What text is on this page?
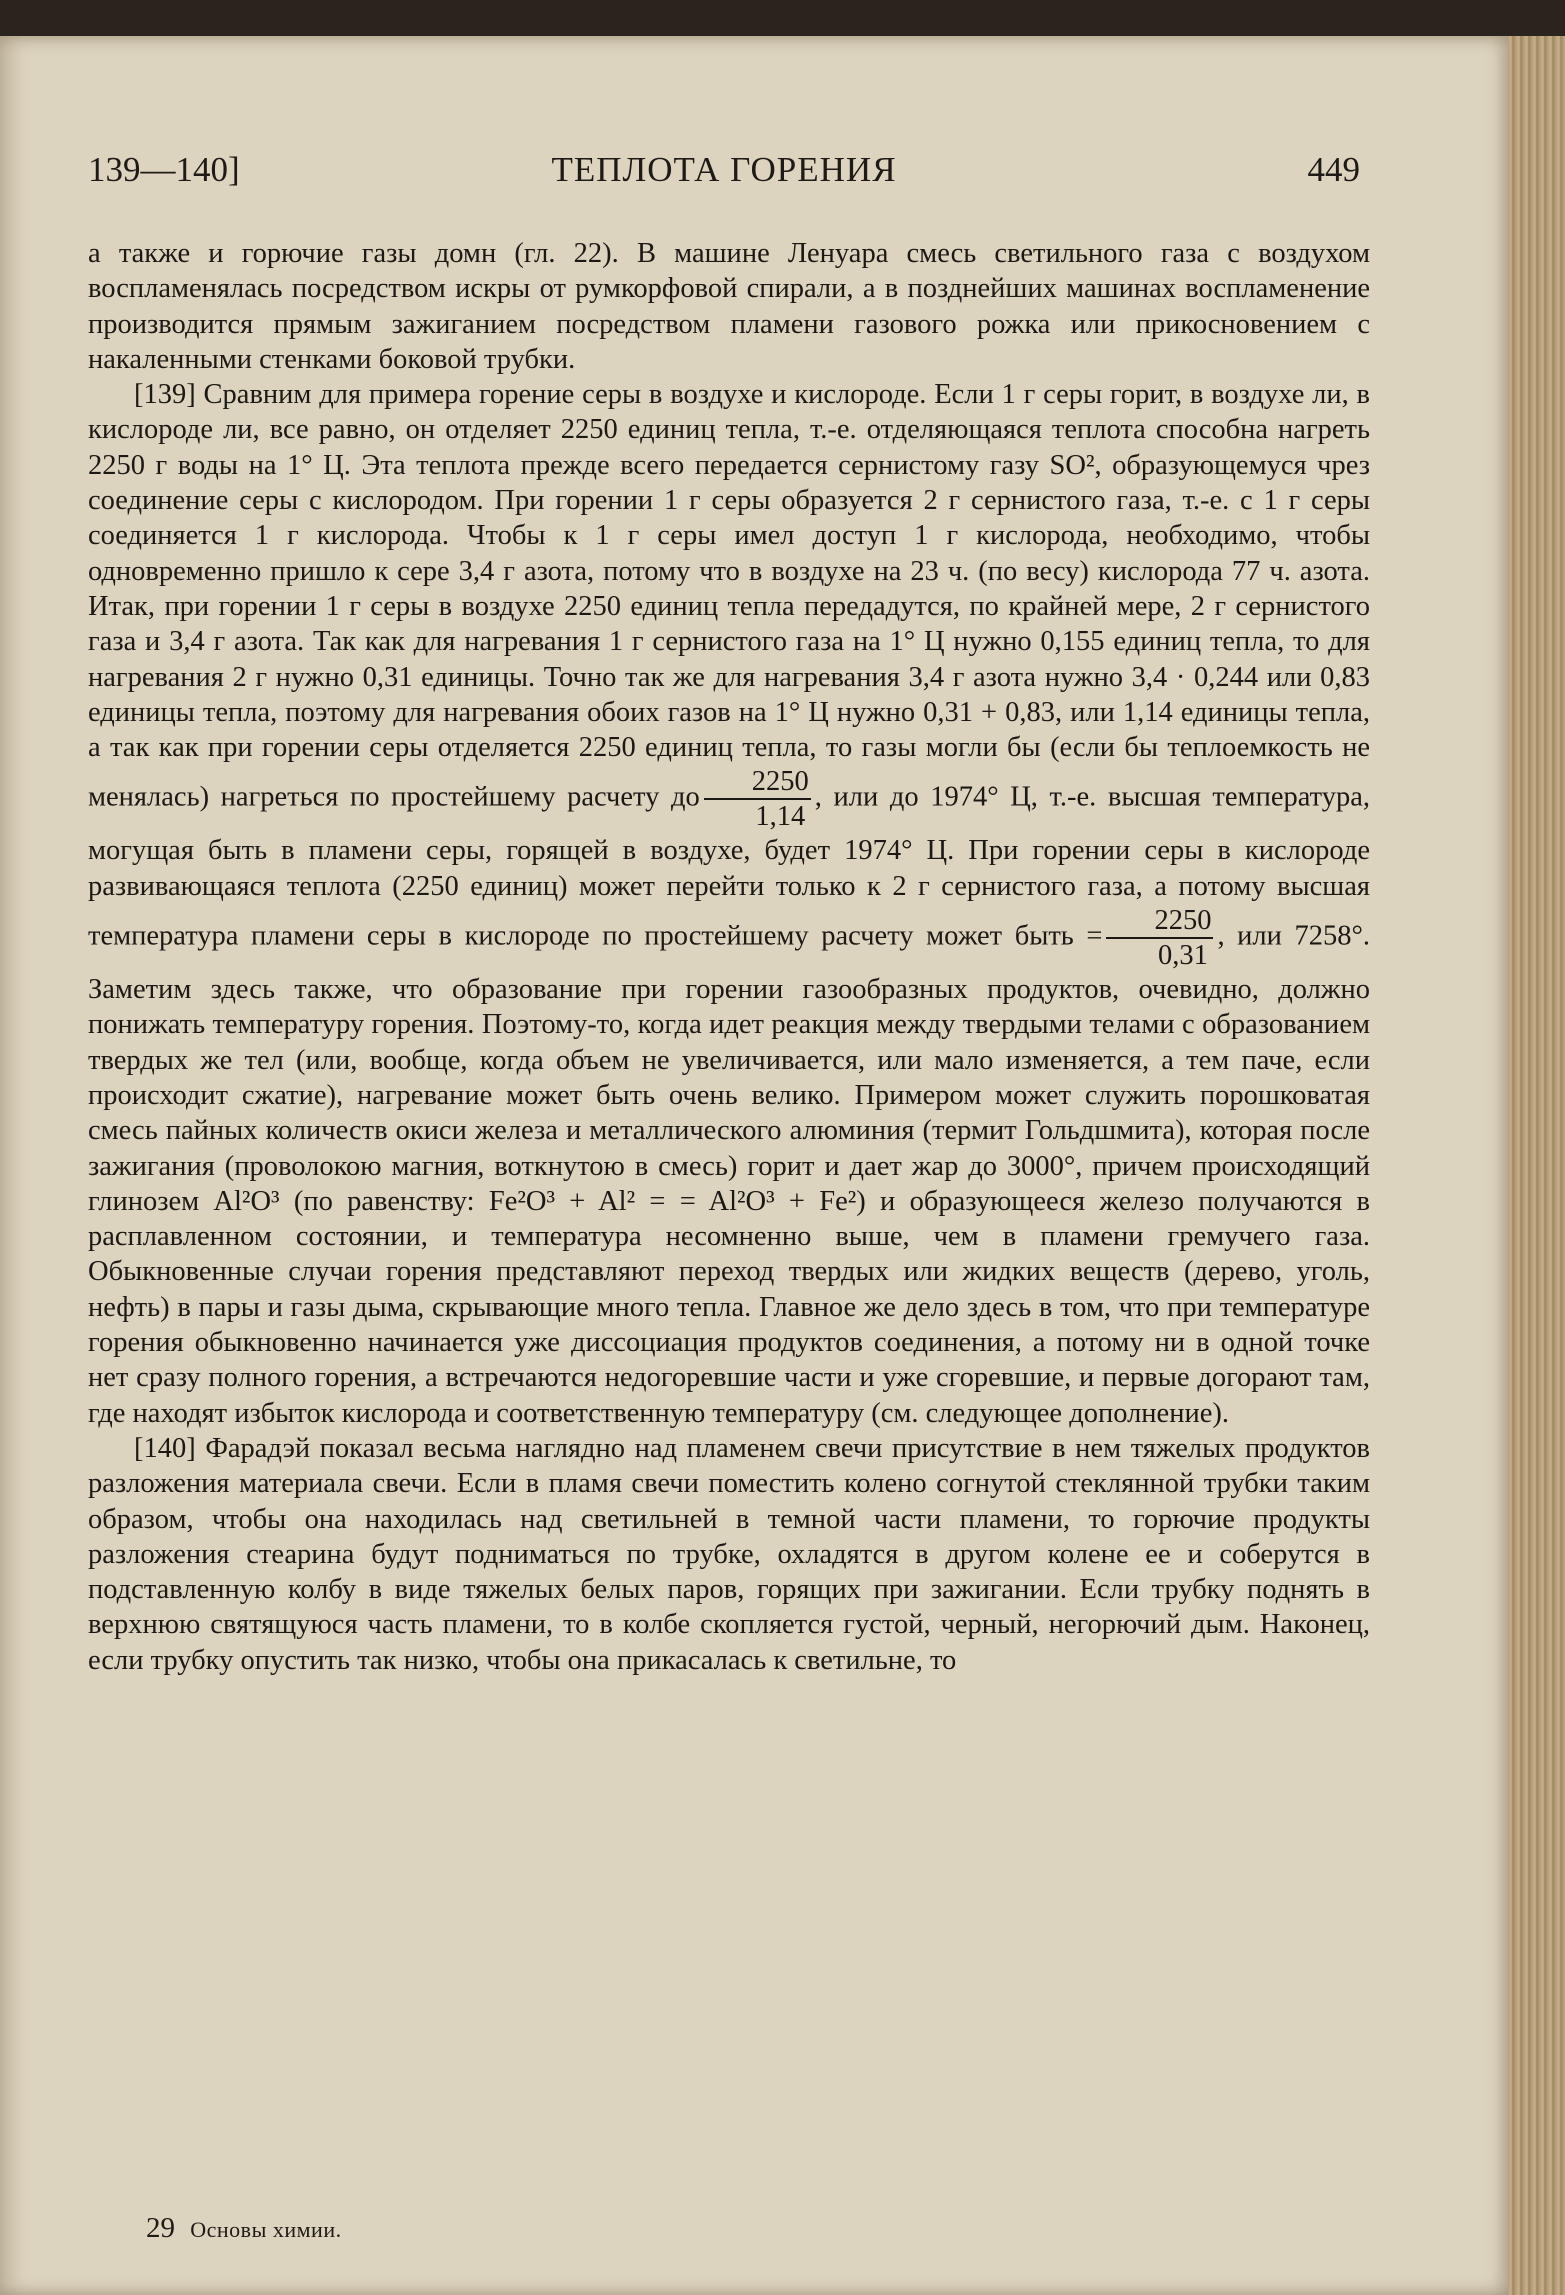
139—140]	ТЕПЛОТА ГОРЕНИЯ	449

а также и горючие газы домн (гл. 22). В машине Ленуара смесь светильного газа с воздухом воспламенялась посредством искры от румкорфовой спирали, а в позднейших машинах воспламенение производится прямым зажиганием посредством пламени газового рожка или прикосновением с накаленными стенками боковой трубки.

[139] Сравним для примера горение серы в воздухе и кислороде. Если 1 г серы горит, в воздухе ли, в кислороде ли, все равно, он отделяет 2250 единиц тепла, т.-е. отделяющаяся теплота способна нагреть 2250 г воды на 1° Ц. Эта теплота прежде всего передается сернистому газу SO², образующемуся чрез соединение серы с кислородом. При горении 1 г серы образуется 2 г сернистого газа, т.-е. с 1 г серы соединяется 1 г кислорода. Чтобы к 1 г серы имел доступ 1 г кислорода, необходимо, чтобы одновременно пришло к сере 3,4 г азота, потому что в воздухе на 23 ч. (по весу) кислорода 77 ч. азота. Итак, при горении 1 г серы в воздухе 2250 единиц тепла передадутся, по крайней мере, 2 г сернистого газа и 3,4 г азота. Так как для нагревания 1 г сернистого газа на 1° Ц нужно 0,155 единиц тепла, то для нагревания 2 г нужно 0,31 единицы. Точно так же для нагревания 3,4 г азота нужно 3,4 · 0,244 или 0,83 единицы тепла, поэтому для нагревания обоих газов на 1° Ц нужно 0,31 + 0,83, или 1,14 единицы тепла, а так как при горении серы отделяется 2250 единиц тепла, то газы могли бы (если бы теплоемкость не менялась) нагреться по простейшему расчету до $\frac{2250}{1,14}$ , или до 1974° Ц, т.-е. высшая температура, могущая быть в пламени серы, горящей в воздухе, будет 1974° Ц. При горении серы в кислороде развивающаяся теплота (2250 единиц) может перейти только к 2 г сернистого газа, а потому высшая температура пламени серы в кислороде по простейшему расчету может быть = $\frac{2250}{0,31}$ , или 7258°. Заметим здесь также, что образование при горении газообразных продуктов, очевидно, должно понижать температуру горения. Поэтому-то, когда идет реакция между твердыми телами с образованием твердых же тел (или, вообще, когда объем не увеличивается, или мало изменяется, а тем паче, если происходит сжатие), нагревание может быть очень велико. Примером может служить порошковатая смесь пайных количеств окиси железа и металлического алюминия (термит Гольдшмита), которая после зажигания (проволокою магния, воткнутою в смесь) горит и дает жар до 3000°, причем происходящий глинозем Al²O³ (по равенству: Fe²O³ + Al² = = Al²O³ + Fe²) и образующееся железо получаются в расплавленном состоянии, и температура несомненно выше, чем в пламени гремучего газа. Обыкновенные случаи горения представляют переход твердых или жидких веществ (дерево, уголь, нефть) в пары и газы дыма, скрывающие много тепла. Главное же дело здесь в том, что при температуре горения обыкновенно начинается уже диссоциация продуктов соединения, а потому ни в одной точке нет сразу полного горения, а встречаются недогоревшие части и уже сгоревшие, и первые догорают там, где находят избыток кислорода и соответственную температуру (см. следующее дополнение).

[140] Фарадэй показал весьма наглядно над пламенем свечи присутствие в нем тяжелых продуктов разложения материала свечи. Если в пламя свечи поместить колено согнутой стеклянной трубки таким образом, чтобы она находилась над светильней в темной части пламени, то горючие продукты разложения стеарина будут подниматься по трубке, охладятся в другом колене ее и соберутся в подставленную колбу в виде тяжелых белых паров, горящих при зажигании. Если трубку поднять в верхнюю святящуюся часть пламени, то в колбе скопляется густой, черный, негорючий дым. Наконец, если трубку опустить так низко, чтобы она прикасалась к светильне, то

29 Основы химии.
